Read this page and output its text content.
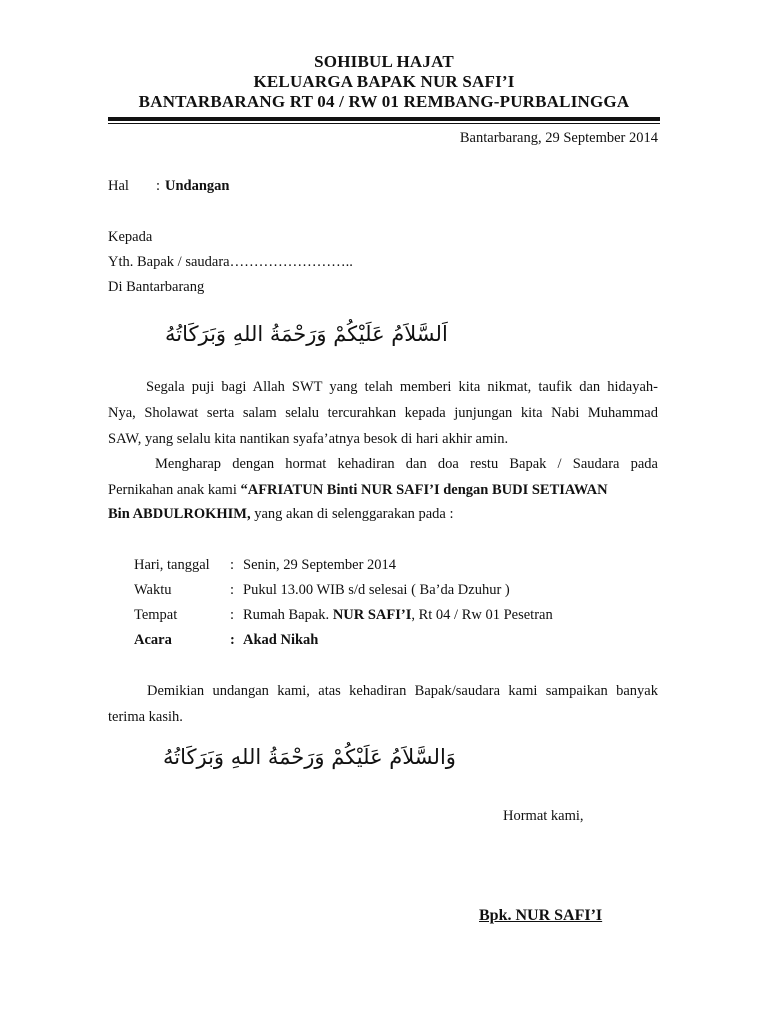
SOHIBUL HAJAT
KELUARGA BAPAK NUR SAFI’I
BANTARBARANG RT 04 / RW 01 REMBANG-PURBALINGGA
Bantarbarang, 29 September 2014
Hal : Undangan
Kepada
Yth. Bapak / saudara……………………..
Di Bantarbarang
اَلسَّلاَمُ عَلَيْكُمْ وَرَحْمَةُ اللهِ وَبَرَكَاتُهُ
Segala puji bagi Allah SWT yang telah memberi kita nikmat, taufik dan hidayah-
Nya, Sholawat serta salam selalu tercurahkan kepada junjungan kita Nabi Muhammad
SAW, yang selalu kita nantikan syafa’atnya besok di hari akhir amin.
Mengharap dengan hormat kehadiran dan doa restu Bapak / Saudara pada
Pernikahan anak kami “AFRIATUN Binti NUR SAFI’I dengan BUDI SETIAWAN
Bin ABDULROKHIM, yang akan di selenggarakan pada :
Hari, tanggal : Senin, 29 September 2014
Waktu	: Pukul 13.00 WIB s/d selesai ( Ba’da Dzuhur )
Tempat	: Rumah Bapak. NUR SAFI’I, Rt 04 / Rw 01 Pesetran
Acara	: Akad Nikah
Demikian undangan kami, atas kehadiran Bapak/saudara kami sampaikan banyak
terima kasih.
وَالسَّلاَمُ عَلَيْكُمْ وَرَحْمَةُ اللهِ وَبَرَكَاتُهُ
Hormat kami,
Bpk. NUR SAFI’I
